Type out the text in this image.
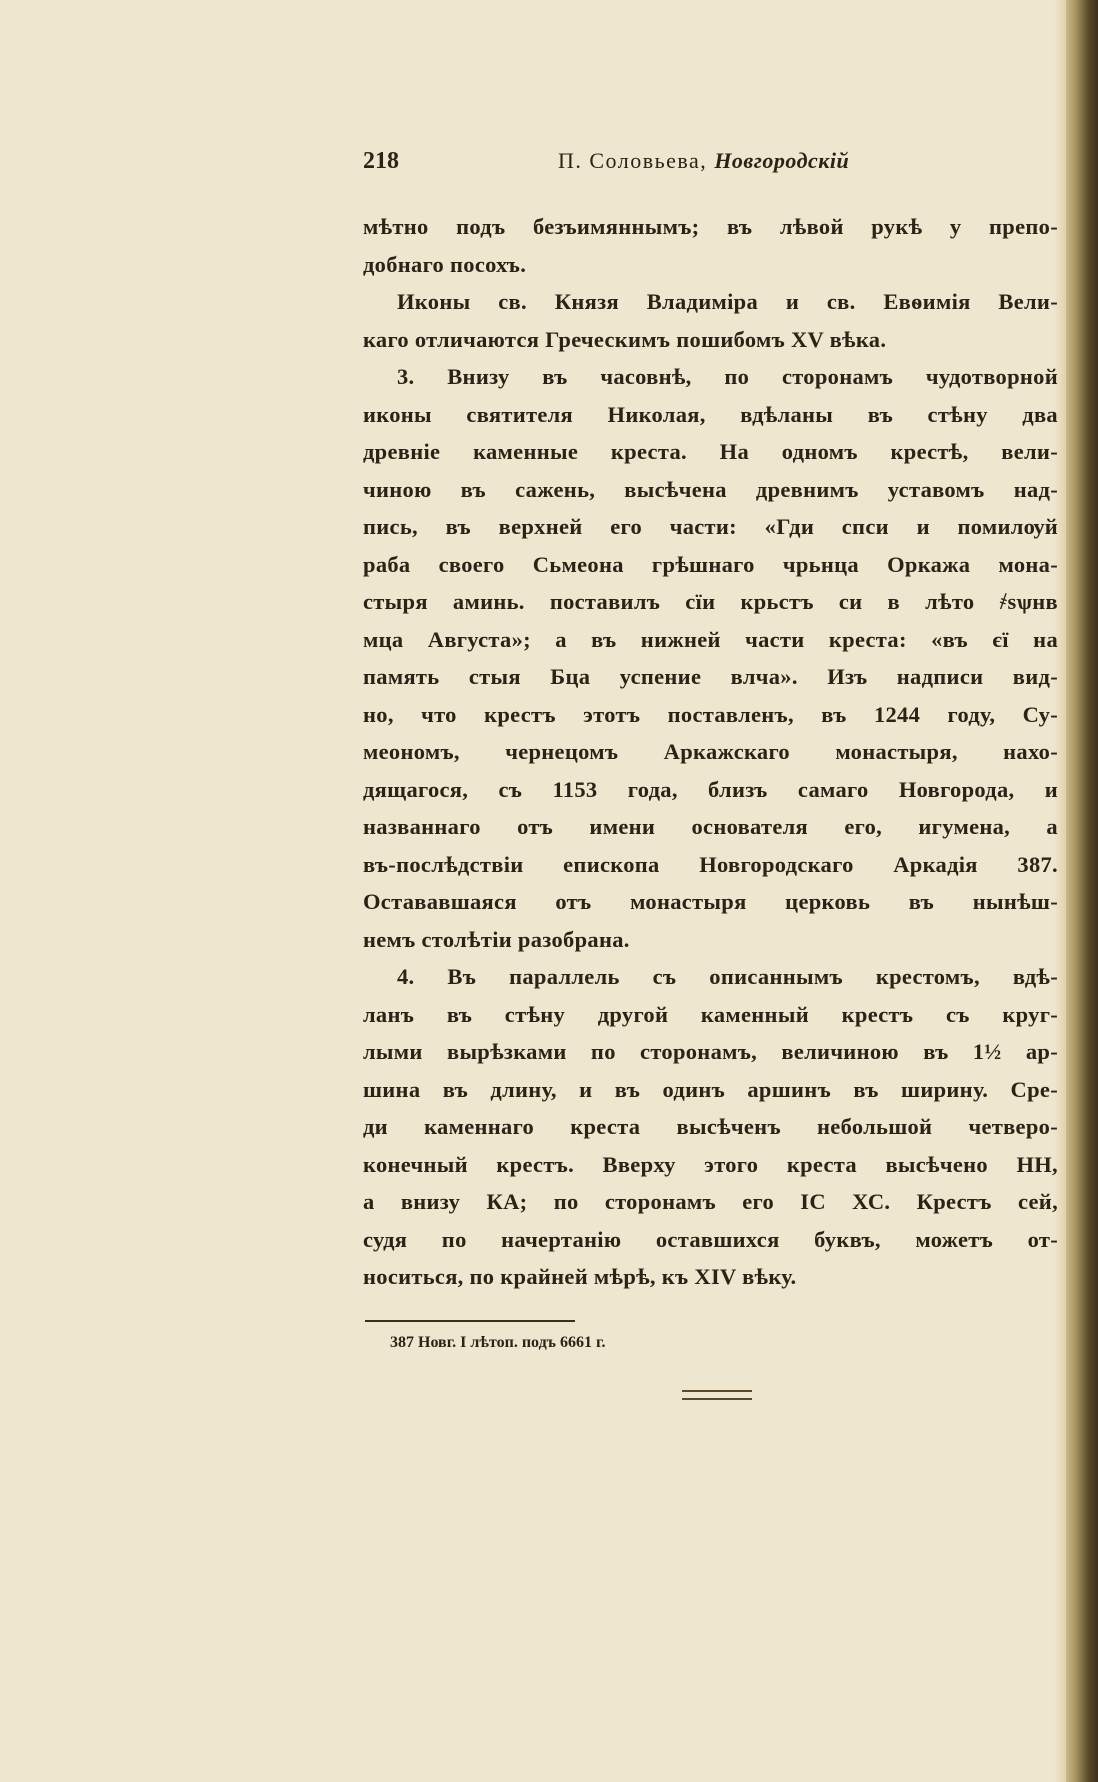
218	П. Соловьева, Новгородскій
мѣтно подъ безъимяннымъ; въ лѣвой рукѣ у препо-
добнаго посохъ.
Иконы св. Князя Владиміра и св. Евѳимія Вели-
каго отличаются Греческимъ пошибомъ XV вѣка.
3. Внизу въ часовнѣ, по сторонамъ чудотворной
иконы святителя Николая, вдѣланы въ стѣну два
древніе каменные креста. На одномъ крестѣ, вели-
чиною въ сажень, высѣчена древнимъ уставомъ над-
пись, въ верхней его части: «Гди спси и помилѹй
раба своего Сьмеона грѣшнаго чрьнца Оркажа мона-
стыря аминь. поставилъ сїи крьстъ си в лѣто ҂ѕѱнв
мца Августа»; а въ нижней части креста: «въ єї на
память стыя Бца успение влча». Изъ надписи вид-
но, что крестъ этотъ поставленъ, въ 1244 году, Су-
меономъ, чернецомъ Аркажскаго монастыря, нахо-
дящагося, съ 1153 года, близъ самаго Новгорода, и
названнаго отъ имени основателя его, игумена, а
въ-послѣдствіи епископа Новгородскаго Аркадія 387.
Остававшаяся отъ монастыря церковь въ нынѣш-
немъ столѣтіи разобрана.
4. Въ параллель съ описаннымъ крестомъ, вдѣ-
ланъ въ стѣну другой каменный крестъ съ круг-
лыми вырѣзками по сторонамъ, величиною въ 1½ ар-
шина въ длину, и въ одинъ аршинъ въ ширину. Сре-
ди каменнаго креста высѣченъ небольшой четверо-
конечный крестъ. Вверху этого креста высѣчено НН,
а внизу КА; по сторонамъ его IС ХС. Крестъ сей,
судя по начертанію оставшихся буквъ, можетъ от-
носиться, по крайней мѣрѣ, къ XIV вѣку.
387 Новг. I лѣтоп. подъ 6661 г.
